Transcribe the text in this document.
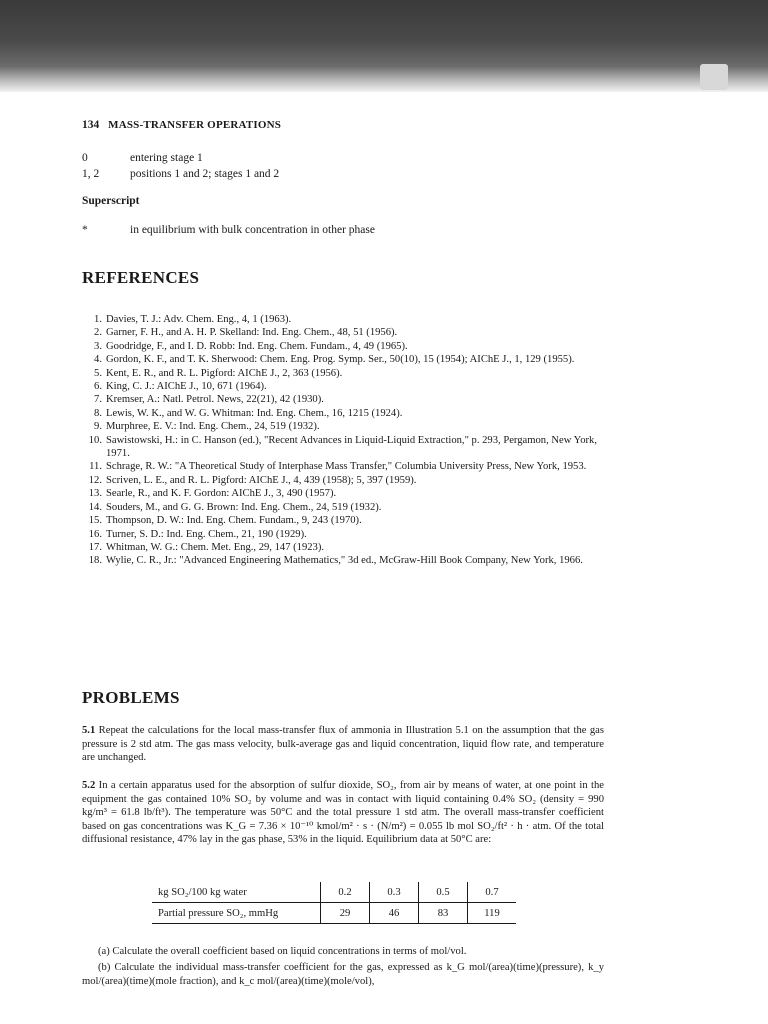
134 MASS-TRANSFER OPERATIONS
0	entering stage 1
1, 2	positions 1 and 2; stages 1 and 2
Superscript
*	in equilibrium with bulk concentration in other phase
REFERENCES
1. Davies, T. J.: Adv. Chem. Eng., 4, 1 (1963).
2. Garner, F. H., and A. H. P. Skelland: Ind. Eng. Chem., 48, 51 (1956).
3. Goodridge, F., and I. D. Robb: Ind. Eng. Chem. Fundam., 4, 49 (1965).
4. Gordon, K. F., and T. K. Sherwood: Chem. Eng. Prog. Symp. Ser., 50(10), 15 (1954); AIChE J., 1, 129 (1955).
5. Kent, E. R., and R. L. Pigford: AIChE J., 2, 363 (1956).
6. King, C. J.: AIChE J., 10, 671 (1964).
7. Kremser, A.: Natl. Petrol. News, 22(21), 42 (1930).
8. Lewis, W. K., and W. G. Whitman: Ind. Eng. Chem., 16, 1215 (1924).
9. Murphree, E. V.: Ind. Eng. Chem., 24, 519 (1932).
10. Sawistowski, H.: in C. Hanson (ed.), "Recent Advances in Liquid-Liquid Extraction," p. 293, Pergamon, New York, 1971.
11. Schrage, R. W.: "A Theoretical Study of Interphase Mass Transfer," Columbia University Press, New York, 1953.
12. Scriven, L. E., and R. L. Pigford: AIChE J., 4, 439 (1958); 5, 397 (1959).
13. Searle, R., and K. F. Gordon: AIChE J., 3, 490 (1957).
14. Souders, M., and G. G. Brown: Ind. Eng. Chem., 24, 519 (1932).
15. Thompson, D. W.: Ind. Eng. Chem. Fundam., 9, 243 (1970).
16. Turner, S. D.: Ind. Eng. Chem., 21, 190 (1929).
17. Whitman, W. G.: Chem. Met. Eng., 29, 147 (1923).
18. Wylie, C. R., Jr.: "Advanced Engineering Mathematics," 3d ed., McGraw-Hill Book Company, New York, 1966.
PROBLEMS
5.1 Repeat the calculations for the local mass-transfer flux of ammonia in Illustration 5.1 on the assumption that the gas pressure is 2 std atm. The gas mass velocity, bulk-average gas and liquid concentration, liquid flow rate, and temperature are unchanged.
5.2 In a certain apparatus used for the absorption of sulfur dioxide, SO₂, from air by means of water, at one point in the equipment the gas contained 10% SO₂ by volume and was in contact with liquid containing 0.4% SO₂ (density = 990 kg/m³ = 61.8 lb/ft³). The temperature was 50°C and the total pressure 1 std atm. The overall mass-transfer coefficient based on gas concentrations was K_G = 7.36 × 10⁻¹⁰ kmol/m² · s · (N/m²) = 0.055 lb mol SO₂/ft² · h · atm. Of the total diffusional resistance, 47% lay in the gas phase, 53% in the liquid. Equilibrium data at 50°C are:
kg SO₂/100 kg water	0.2	0.3	0.5	0.7
Partial pressure SO₂, mmHg	29	46	83	119
(a) Calculate the overall coefficient based on liquid concentrations in terms of mol/vol.
(b) Calculate the individual mass-transfer coefficient for the gas, expressed as k_G mol/(area)(time)(pressure), k_y mol/(area)(time)(mole fraction), and k_c mol/(area)(time)(mole/vol),
